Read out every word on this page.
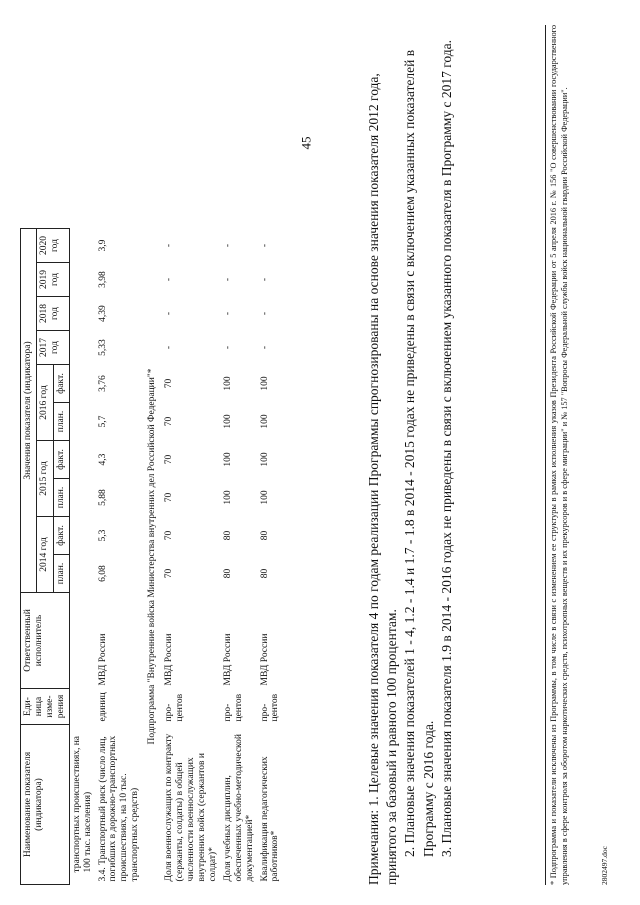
45
Наименование показателя (индикатора)	Еди-ница изме-рения	Ответственный исполнитель	Значения показателя (индикатора)									
			2014 год		2015 год		2016 год		2017 год	2018 год	2019 год	2020 год
			план.	факт.	план.	факт.	план.	факт.				
транспортных происшествиях, на 100 тыс. населения)												
3.4. Транспортный риск (число лиц, погибших в дорожно-транспортных происшествиях, на 10 тыс. транспортных средств)	единиц	МВД России	6,08	5,3	5,88	4,3	5,7	3,76	5,33	4,39	3,98	3,9
Подпрограмма "Внутренние войска Министерства внутренних дел Российской Федерации"*												
Доля военнослужащих по контракту (сержанты, солдаты) в общей численности военнослужащих внутренних войск (сержантов и солдат)*	про-центов	МВД России	70	70	70	70	70	70	-	-	-	-
Доля учебных дисциплин, обеспеченных учебно-методической документацией*	про-центов	МВД России	80	80	100	100	100	100	-	-	-	-
Квалификация педагогических работников*	про-центов	МВД России	80	80	100	100	100	100	-	-	-	-
Примечания: 1. Целевые значения показателя 4 по годам реализации Программы спрогнозированы на основе значения показателя 2012 года, принятого за базовый и равного 100 процентам. 2. Плановые значения показателей 1 - 4, 1.2 - 1.4 и 1.7 - 1.8 в 2014 - 2015 годах не приведены в связи с включением указанных показателей в Программу с 2016 года. 3. Плановые значения показателя 1.9 в 2014 - 2016 годах не приведены в связи с включением указанного показателя в Программу с 2017 года.	* Подпрограмма и показатели исключены из Программы, в том числе в связи с изменением ее структуры в рамках исполнения указов Президента Российской Федерации от 5 апреля 2016 г. № 156 "О совершенствовании государственного управления в сфере контроля за оборотом наркотических средств, психотропных веществ и их прекурсоров и в сфере миграции" и № 157 "Вопросы Федеральной службы войск национальной гвардии Российской Федерации".	2802497.doc
